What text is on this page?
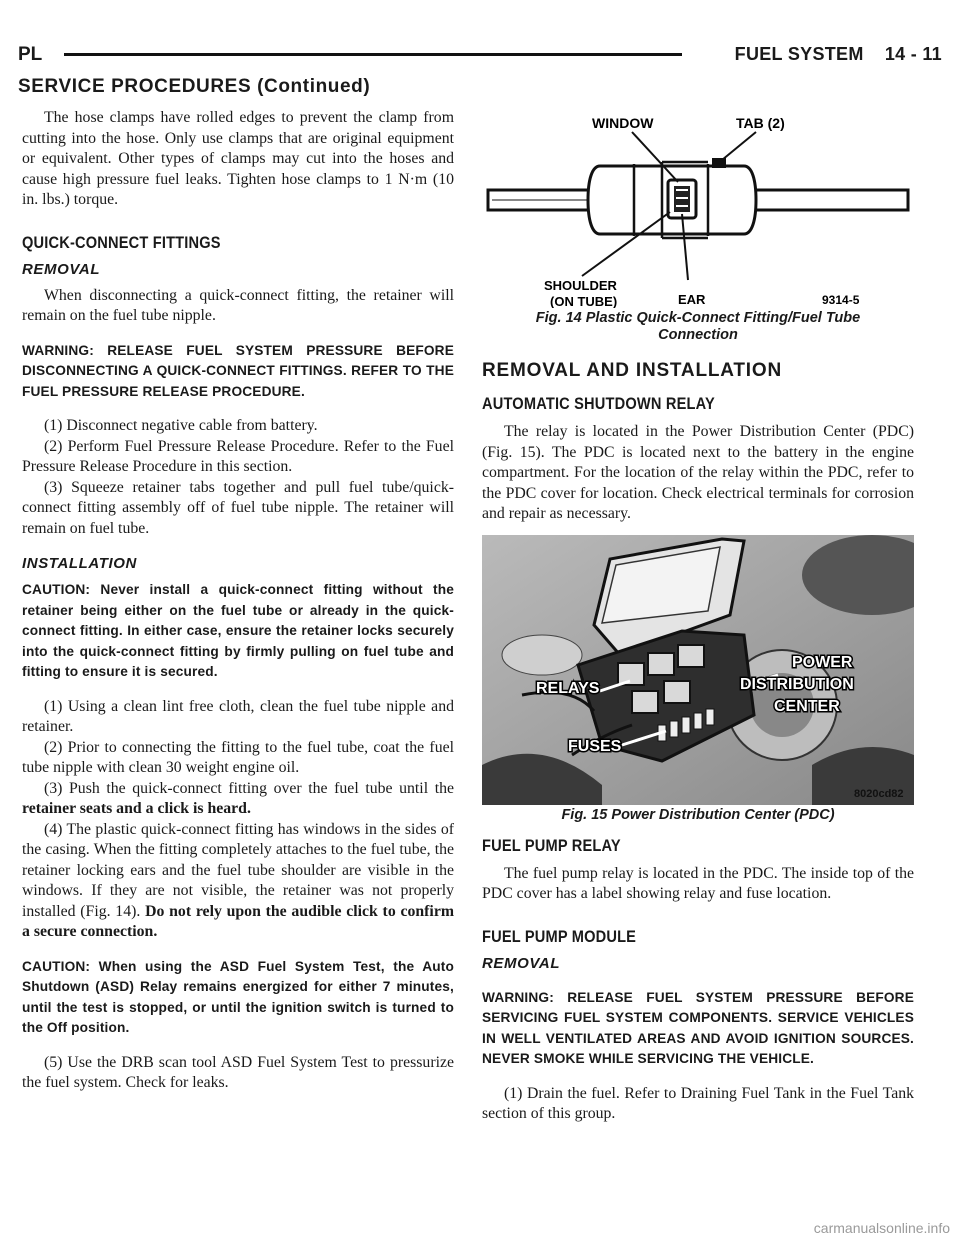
PL	FUEL SYSTEM    14 - 11
SERVICE PROCEDURES (Continued)

The hose clamps have rolled edges to prevent the clamp from cutting into the hose. Only use clamps that are original equipment or equivalent. Other types of clamps may cut into the hoses and cause high pressure fuel leaks. Tighten hose clamps to 1 N·m (10 in. lbs.) torque.

QUICK-CONNECT FITTINGS
REMOVAL

When disconnecting a quick-connect fitting, the retainer will remain on the fuel tube nipple.

WARNING: RELEASE FUEL SYSTEM PRESSURE BEFORE DISCONNECTING A QUICK-CONNECT FITTINGS. REFER TO THE FUEL PRESSURE RELEASE PROCEDURE.

(1) Disconnect negative cable from battery.

(2) Perform Fuel Pressure Release Procedure. Refer to the Fuel Pressure Release Procedure in this section.

(3) Squeeze retainer tabs together and pull fuel tube/quick-connect fitting assembly off of fuel tube nipple. The retainer will remain on fuel tube.

INSTALLATION

CAUTION: Never install a quick-connect fitting without the retainer being either on the fuel tube or already in the quick-connect fitting. In either case, ensure the retainer locks securely into the quick-connect fitting by firmly pulling on fuel tube and fitting to ensure it is secured.

(1) Using a clean lint free cloth, clean the fuel tube nipple and retainer.

(2) Prior to connecting the fitting to the fuel tube, coat the fuel tube nipple with clean 30 weight engine oil.

(3) Push the quick-connect fitting over the fuel tube until the retainer seats and a click is heard.

(4) The plastic quick-connect fitting has windows in the sides of the casing. When the fitting completely attaches to the fuel tube, the retainer locking ears and the fuel tube shoulder are visible in the windows. If they are not visible, the retainer was not properly installed (Fig. 14). Do not rely upon the audible click to confirm a secure connection.

CAUTION: When using the ASD Fuel System Test, the Auto Shutdown (ASD) Relay remains energized for either 7 minutes, until the test is stopped, or until the ignition switch is turned to the Off position.

(5) Use the DRB scan tool ASD Fuel System Test to pressurize the fuel system. Check for leaks.

WINDOW	TAB (2)
SHOULDER
(ON TUBE)	EAR	9314-5
Fig. 14 Plastic Quick-Connect Fitting/Fuel Tube
Connection
REMOVAL AND INSTALLATION
AUTOMATIC SHUTDOWN RELAY

The relay is located in the Power Distribution Center (PDC) (Fig. 15). The PDC is located next to the battery in the engine compartment. For the location of the relay within the PDC, refer to the PDC cover for location. Check electrical terminals for corrosion and repair as necessary.

POWER
DISTRIBUTION
CENTER
RELAYS
FUSES
8020cd82
Fig. 15 Power Distribution Center (PDC)
FUEL PUMP RELAY

The fuel pump relay is located in the PDC. The inside top of the PDC cover has a label showing relay and fuse location.

FUEL PUMP MODULE
REMOVAL

WARNING: RELEASE FUEL SYSTEM PRESSURE BEFORE SERVICING FUEL SYSTEM COMPONENTS. SERVICE VEHICLES IN WELL VENTILATED AREAS AND AVOID IGNITION SOURCES. NEVER SMOKE WHILE SERVICING THE VEHICLE.

(1) Drain the fuel. Refer to Draining Fuel Tank in the Fuel Tank section of this group.

carmanualsonline.info
